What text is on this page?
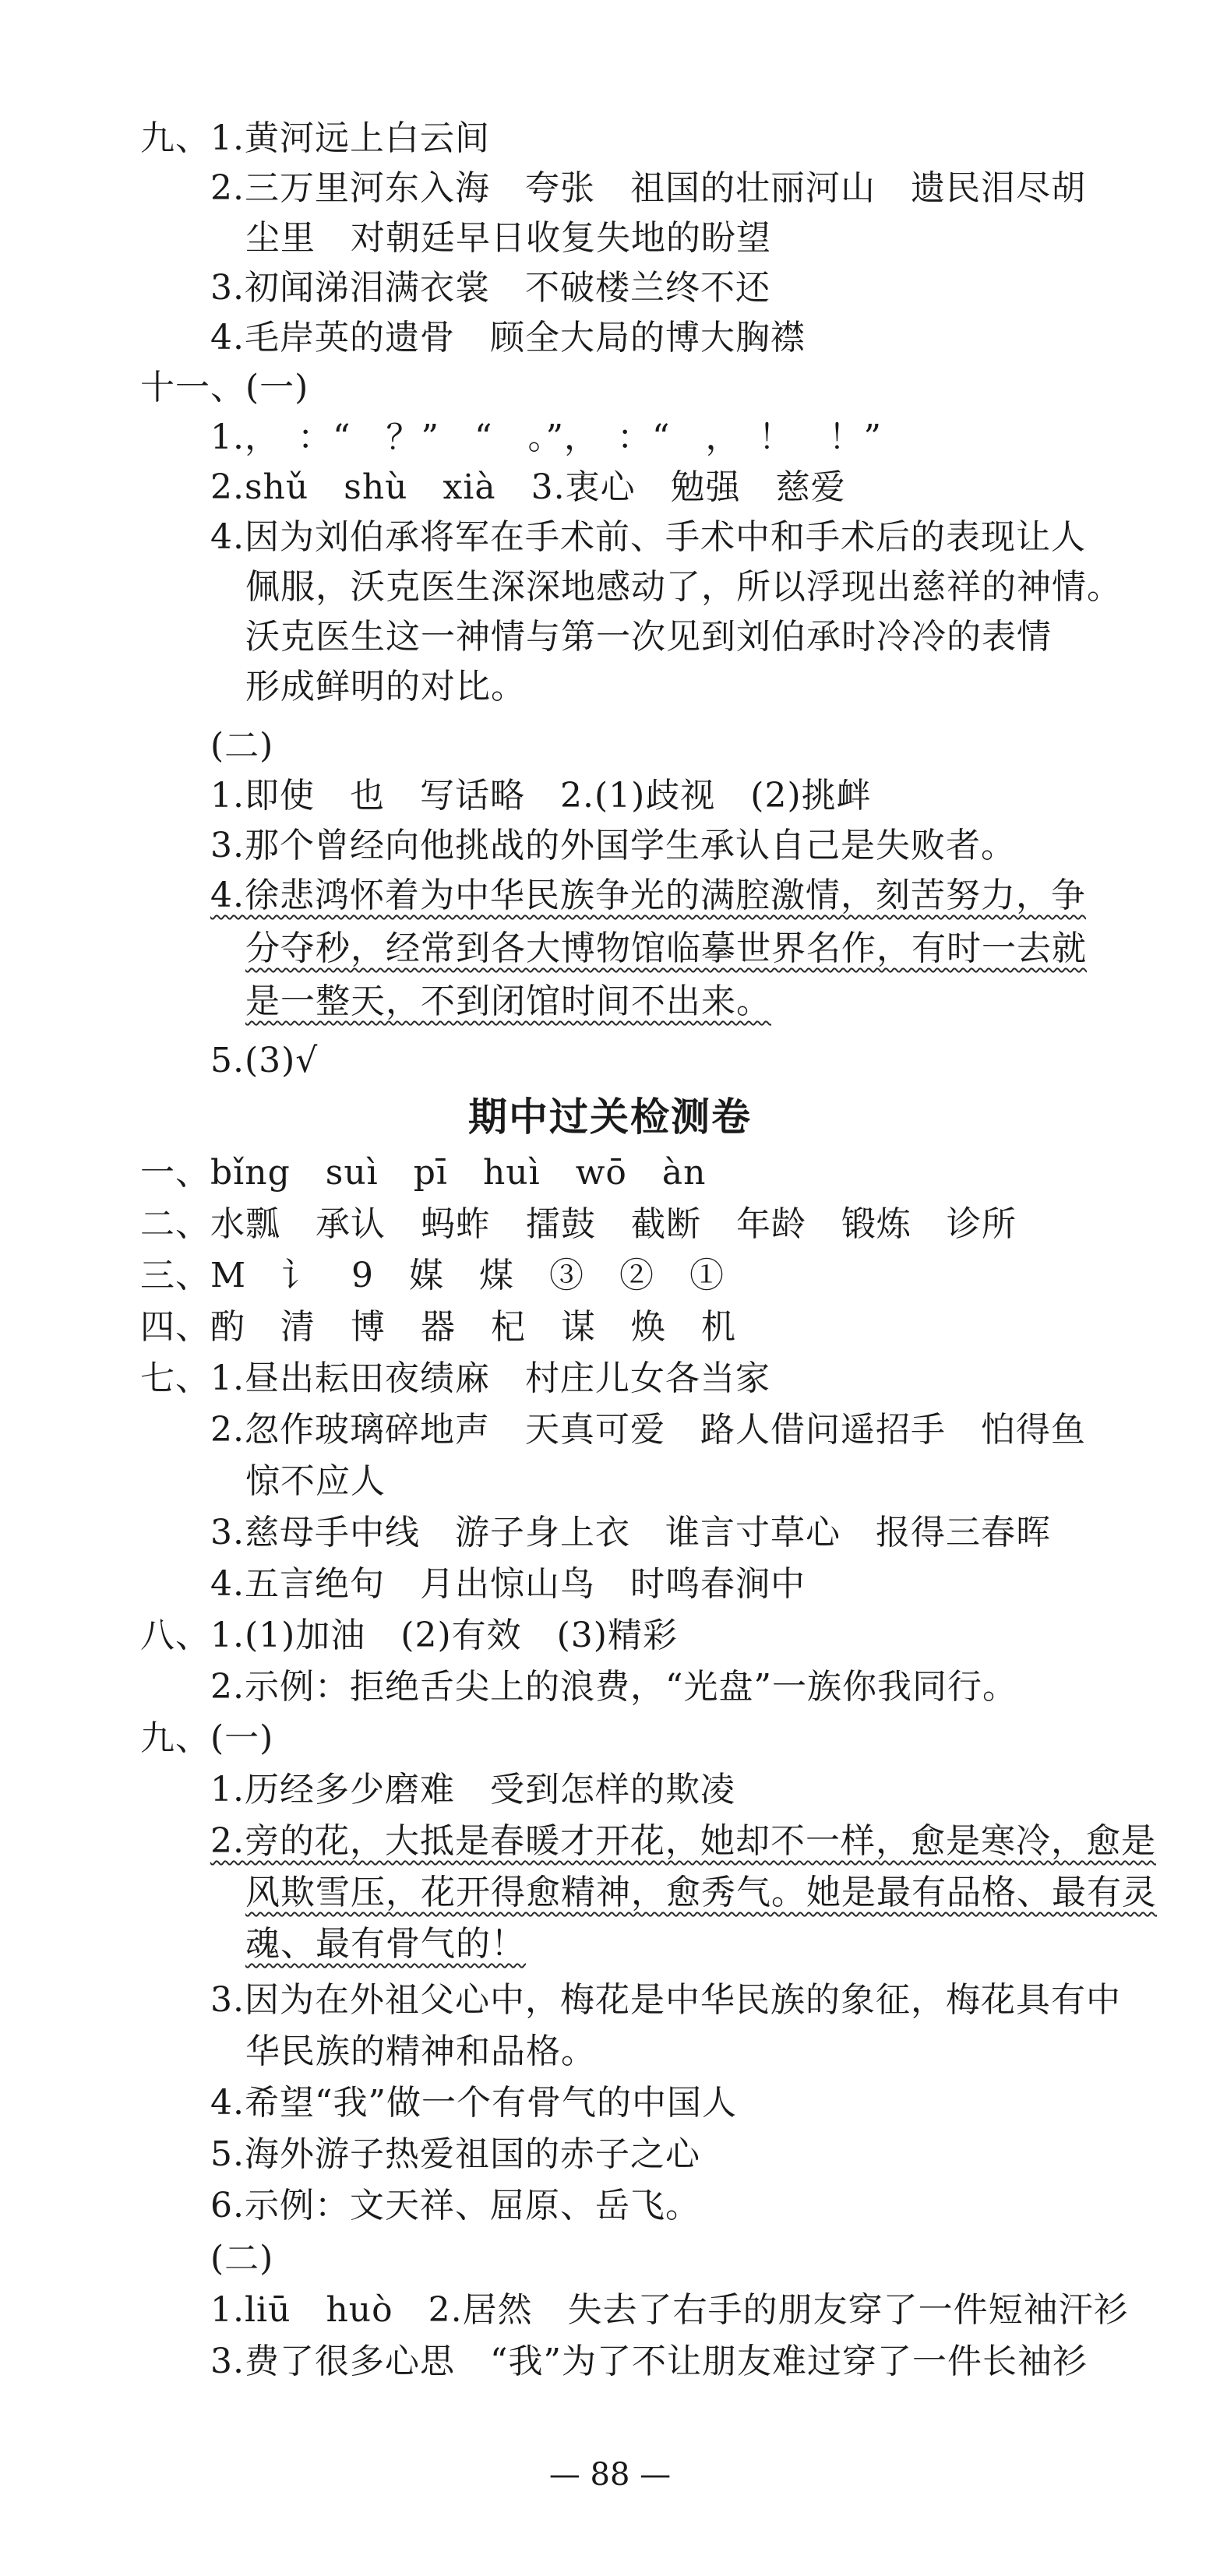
九、1.黄河远上白云间
2.三万里河东入海　夸张　祖国的壮丽河山　遗民泪尽胡
尘里　对朝廷早日收复失地的盼望
3.初闻涕泪满衣裳　不破楼兰终不还
4.毛岸英的遗骨　顾全大局的博大胸襟
十一、(一)
1.，　：“　？”　“　。”，　：“　，　！　！”
2.shǔ　shù　xià　3.衷心　勉强　慈爱
4.因为刘伯承将军在手术前、手术中和手术后的表现让人
佩服，沃克医生深深地感动了，所以浮现出慈祥的神情。
沃克医生这一神情与第一次见到刘伯承时冷冷的表情
形成鲜明的对比。
(二)
1.即使　也　写话略　2.(1)歧视　(2)挑衅
3.那个曾经向他挑战的外国学生承认自己是失败者。
4.徐悲鸿怀着为中华民族争光的满腔激情，刻苦努力，争
分夺秒，经常到各大博物馆临摹世界名作，有时一去就
是一整天，不到闭馆时间不出来。
5.(3)√
期中过关检测卷
一、bǐng　suì　pī　huì　wō　àn
二、水瓢　承认　蚂蚱　擂鼓　截断　年龄　锻炼　诊所
三、M　讠　9　媒　煤　③　②　①
四、酌　清　博　器　杞　谋　焕　机
七、1.昼出耘田夜绩麻　村庄儿女各当家
2.忽作玻璃碎地声　天真可爱　路人借问遥招手　怕得鱼
惊不应人
3.慈母手中线　游子身上衣　谁言寸草心　报得三春晖
4.五言绝句　月出惊山鸟　时鸣春涧中
八、1.(1)加油　(2)有效　(3)精彩
2.示例：拒绝舌尖上的浪费，“光盘”一族你我同行。
九、(一)
1.历经多少磨难　受到怎样的欺凌
2.旁的花，大抵是春暖才开花，她却不一样，愈是寒冷，愈是
风欺雪压，花开得愈精神，愈秀气。她是最有品格、最有灵
魂、最有骨气的！
3.因为在外祖父心中，梅花是中华民族的象征，梅花具有中
华民族的精神和品格。
4.希望“我”做一个有骨气的中国人
5.海外游子热爱祖国的赤子之心
6.示例：文天祥、屈原、岳飞。
(二)
1.liū　huò　2.居然　失去了右手的朋友穿了一件短袖汗衫
3.费了很多心思　“我”为了不让朋友难过穿了一件长袖衫
— 88 —
